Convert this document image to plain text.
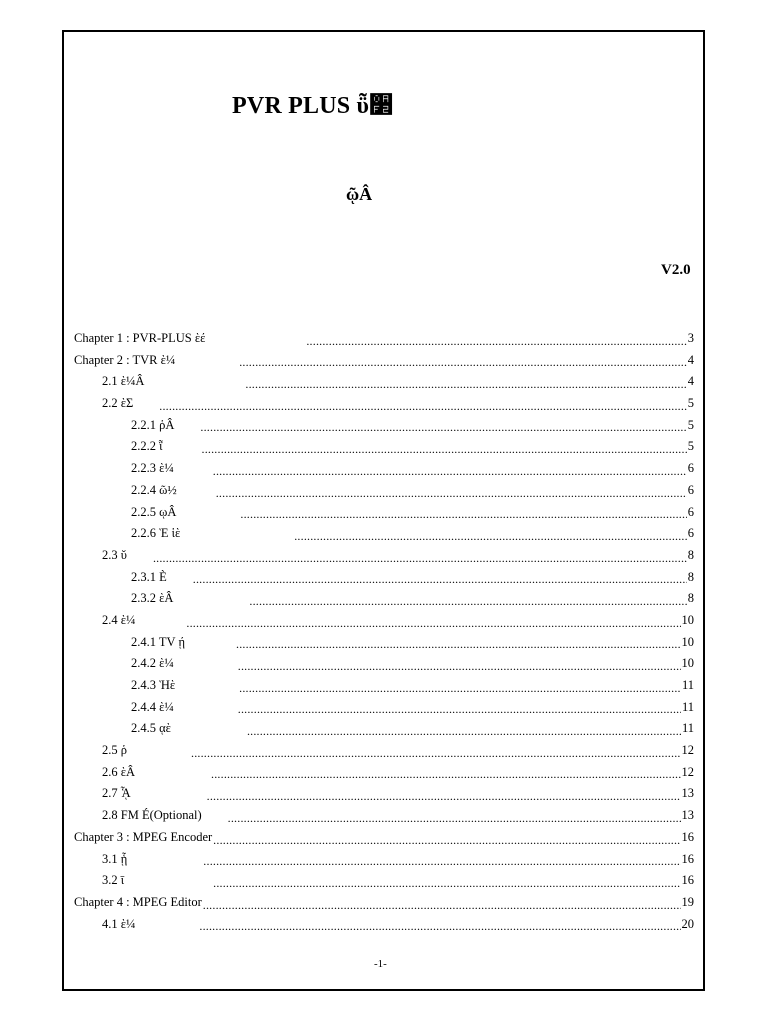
PVR PLUS ῧ૲
ῷÂ
V2.0
Chapter 1 : PVR-PLUS ὲέ .....	3
Chapter 2 : TVR ὲ¼ .....	4
2.1 ὲ¼Â .....	4
2.2 ὲΣ .....	5
2.2.1 ῥÂ .....	5
2.2.2 ῗ .....	5
2.2.3 ὲ¼ .....	6
2.2.4 ῶ½ .....	6
2.2.5 ῳÂ .....	6
2.2.6 Ὲ ἱὲ .....	6
2.3 ῠ .....	8
2.3.1 È .....	8
2.3.2 ὲÂ .....	8
2.4 ὲ¼ .....	10
2.4.1 TV ῄ .....	10
2.4.2 ὲ¼ .....	10
2.4.3 Ὴὲ .....	11
2.4.4 ὲ¼ .....	11
2.4.5 ᾳὲ .....	11
2.5 ῥ .....	12
2.6 ὲÂ .....	12
2.7 ᾏ .....	13
2.8 FM É(Optional) .....	13
Chapter 3 : MPEG Encoder .....	16
3.1 ᾗ .....	16
3.2 ῑ .....	16
Chapter 4 : MPEG Editor .....	19
4.1 ὲ¼ .....	20
-1-
